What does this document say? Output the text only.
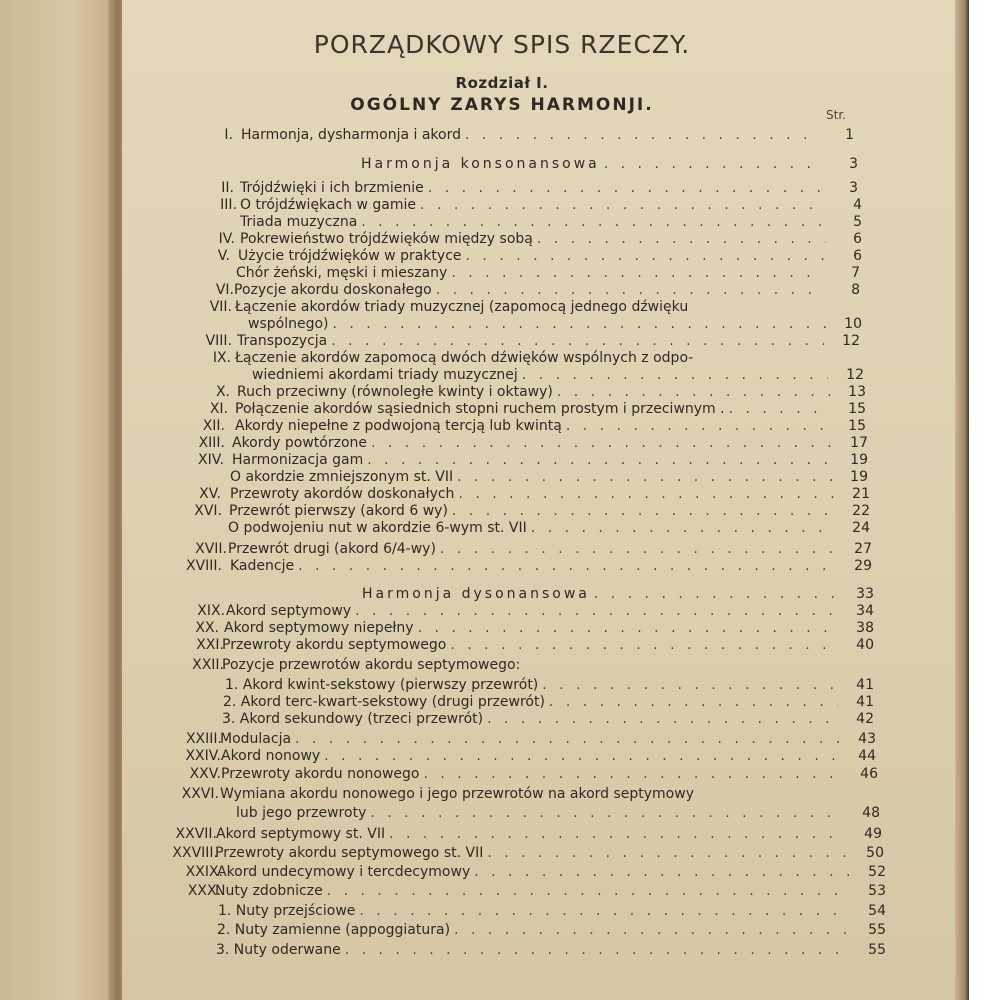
PORZĄDKOWY SPIS RZECZY.
Rozdział I.
OGÓLNY ZARYS HARMONJI.	Str.
I. Harmonja, dysharmonja i akord . . .	1
Harmonja konsonansowa . . .	3
II. Trójdźwięki i ich brzmienie . . .	3
III. O trójdźwiękach w gamie . . .	4
Triada muzyczna . . .	5
IV. Pokrewieństwo trójdźwięków między sobą . . .	6
V. Użycie trójdźwięków w praktyce . . .	6
Chór żeński, męski i mieszany . . .	7
VI. Pozycje akordu doskonałego . . .	8
VII. Łączenie akordów triady muzycznej (zapomocą jednego dźwięku
wspólnego) . . .	10
VIII. Transpozycja . . .	12
IX. Łączenie akordów zapomocą dwóch dźwięków wspólnych z odpo-
wiedniemi akordami triady muzycznej . . .	12
X. Ruch przeciwny (równoległe kwinty i oktawy) . . .	13
XI. Połączenie akordów sąsiednich stopni ruchem prostym i przeciwnym . . . .	15
XII. Akordy niepełne z podwojoną tercją lub kwintą . . .	15
XIII. Akordy powtórzone . . .	17
XIV. Harmonizacja gam . . .	19
O akordzie zmniejszonym st. VII . . .	19
XV. Przewroty akordów doskonałych . . .	21
XVI. Przewrót pierwszy (akord 6 wy) . . .	22
O podwojeniu nut w akordzie 6-wym st. VII . . .	24
XVII. Przewrót drugi (akord 6/4-wy) . . .	27
XVIII. Kadencje . . .	29
Harmonja dysonansowa . . .	33
XIX. Akord septymowy . . .	34
XX. Akord septymowy niepełny . . .	38
XXI.
Przewroty akordu septymowego . . .	40
XXII.
Pozycje przewrotów akordu septymowego:
1. Akord kwint-sekstowy (pierwszy przewrót) . . .	41
2. Akord terc-kwart-sekstowy (drugi przewrót) . . .	41
3. Akord sekundowy (trzeci przewrót) . . .	42
XXIII.
Modulacja . . .	43
XXIV. Akord nonowy . . .	44
XXV. Przewroty akordu nonowego . . .	46
XXVI. Wymiana akordu nonowego i jego przewrotów na akord septymowy
lub jego przewroty . . .	48
XXVII. Akord septymowy st. VII . . .	49
XXVIII.
Przewroty akordu septymowego st. VII . . .	50
XXIX.
Akord undecymowy i tercdecymowy . . .	52
XXX.
Nuty zdobnicze . . .	53
1. Nuty przejściowe . . .	54
2. Nuty zamienne (appoggiatura) . . .	55
3. Nuty oderwane . . .	55
